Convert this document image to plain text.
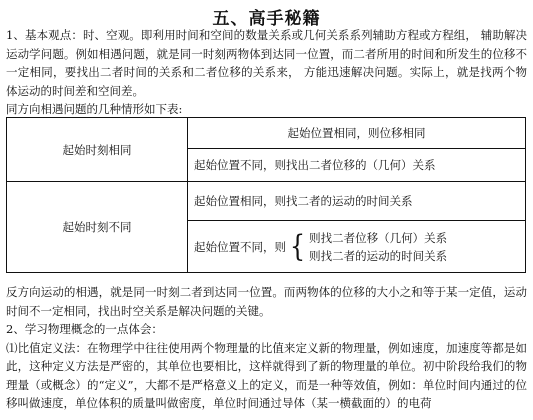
五、高手秘籍
1、基本观点：时、空观。即利用时间和空间的数量关系或几何关系系列辅助方程或方程组， 辅助解决运动学问题。例如相遇问题，就是同一时刻两物体到达同一位置，而二者所用的时间和所发生的位移不一定相同，要找出二者时间的关系和二者位移的关系来， 方能迅速解决问题。实际上，就是找两个物体运动的时间差和空间差。
同方向相遇问题的几种情形如下表:
起始时刻相同	起始位置相同，则位移相同
	起始位置不同，则找出二者位移的（几何）关系
起始时刻不同	起始位置相同，则找二者的运动的时间关系

	起始位置不同，则 { 则找二者位移（几何）关系
则找二者的运动的时间关系
反方向运动的相遇，就是同一时刻二者到达同一位置。而两物体的位移的大小之和等于某一定值，运动时间不一定相同，找出时空关系是解决问题的关键。
2、学习物理概念的一点体会：
⑴比值定义法：在物理学中往往使用两个物理量的比值来定义新的物理量，例如速度，加速度等都是如此，这种定义方法是严密的，其单位也要相比，这样就得到了新的物理量的单位。初中阶段给我们的物理量（或概念）的“定义”，大都不是严格意义上的定义，而是一种等效值，例如：单位时间内通过的位移叫做速度，单位体积的质量叫做密度，单位时间通过导体（某一横截面的）的电荷
